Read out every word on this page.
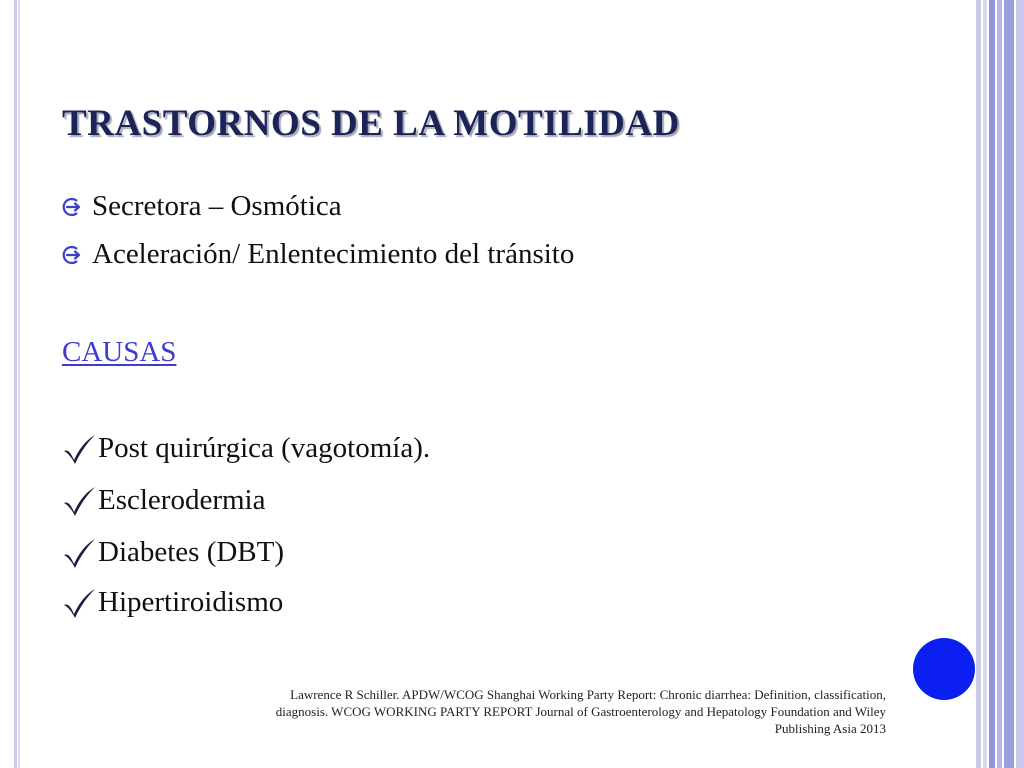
TRASTORNOS DE LA MOTILIDAD
Secretora – Osmótica
Aceleración/ Enlentecimiento del tránsito
CAUSAS
Post quirúrgica (vagotomía).
Esclerodermia
Diabetes (DBT)
Hipertiroidismo
Lawrence R Schiller. APDW/WCOG Shanghai Working Party Report: Chronic diarrhea: Definition, classification,
diagnosis. WCOG WORKING PARTY REPORT Journal of Gastroenterology and Hepatology Foundation and Wiley
Publishing Asia 2013
